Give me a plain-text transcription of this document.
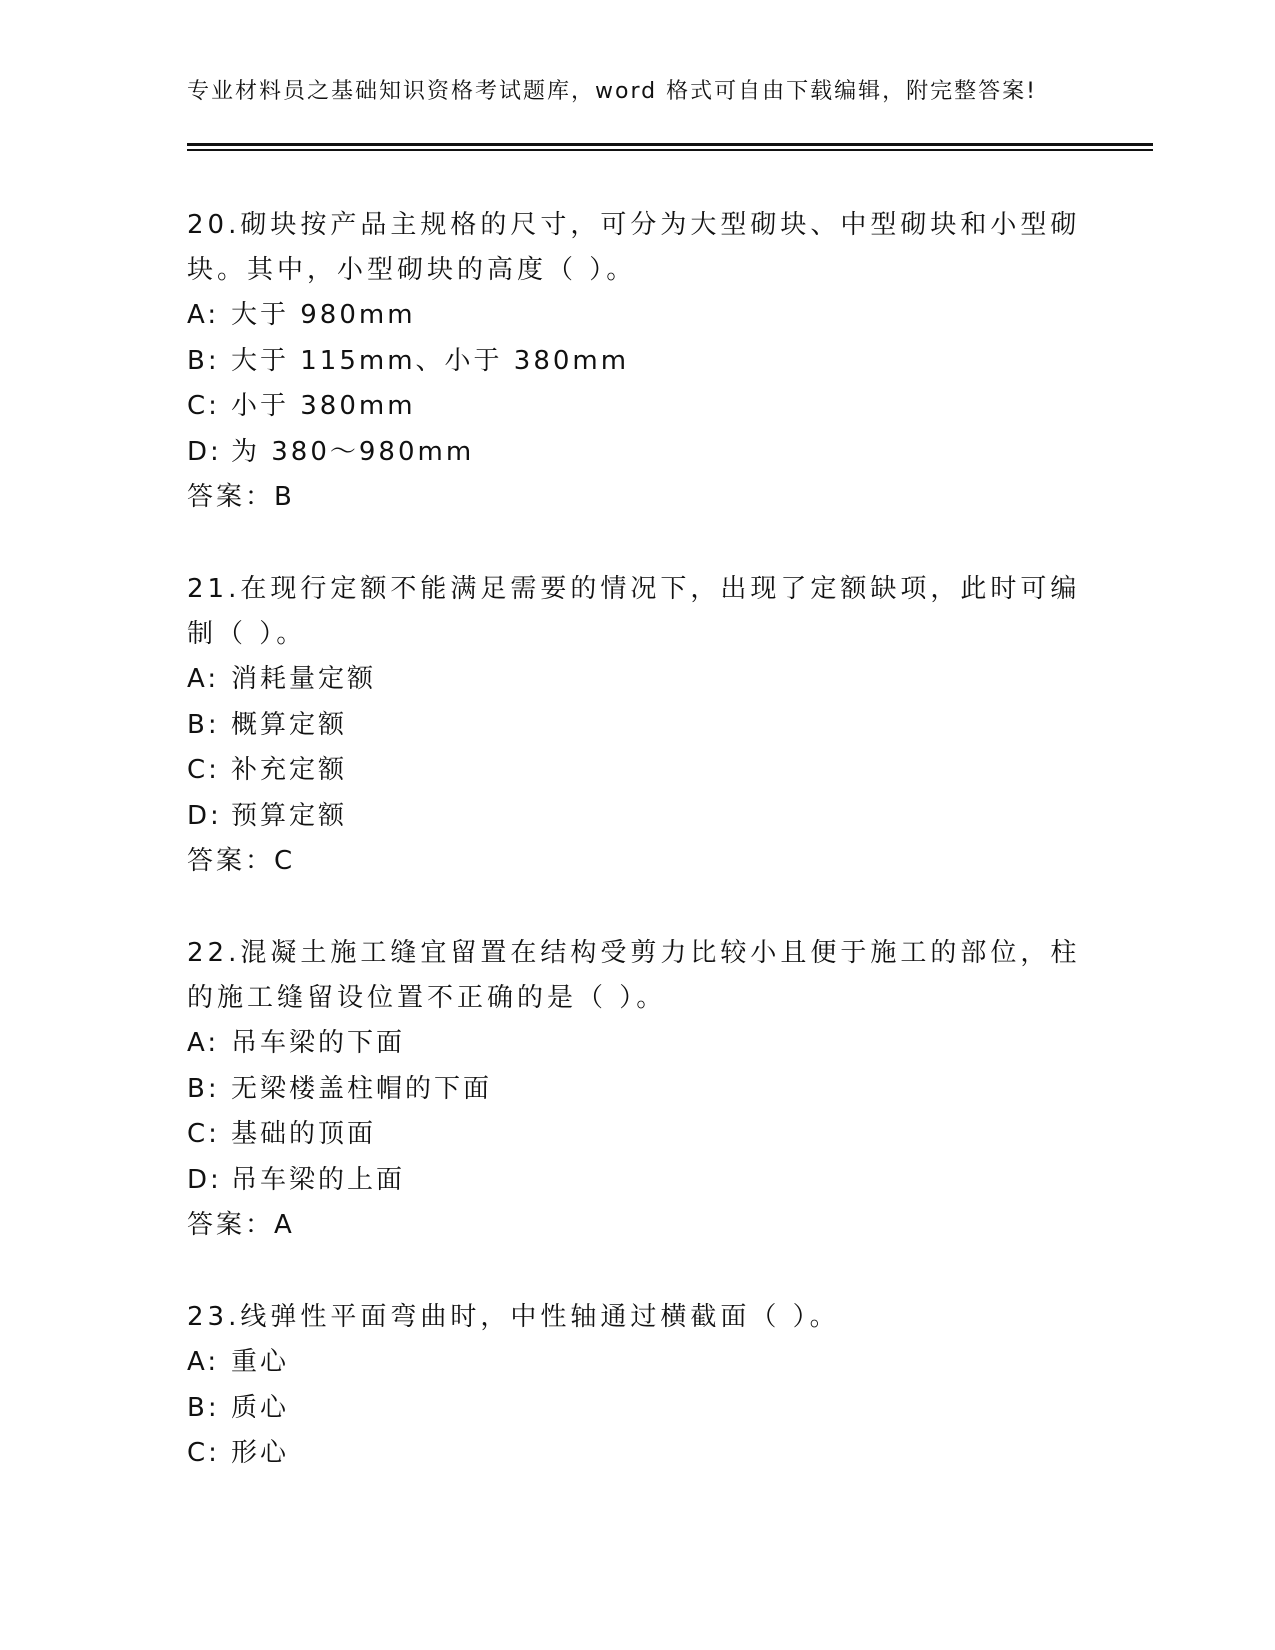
专业材料员之基础知识资格考试题库，word 格式可自由下载编辑，附完整答案!

20.砌块按产品主规格的尺寸，可分为大型砌块、中型砌块和小型砌块。其中，小型砌块的高度（ ）。

A: 大于 980mm

B: 大于 115mm、小于 380mm

C: 小于 380mm

D: 为 380～980mm

答案：B

21.在现行定额不能满足需要的情况下，出现了定额缺项，此时可编制（ ）。

A: 消耗量定额

B: 概算定额

C: 补充定额

D: 预算定额

答案：C

22.混凝土施工缝宜留置在结构受剪力比较小且便于施工的部位，柱的施工缝留设位置不正确的是（ ）。

A: 吊车梁的下面

B: 无梁楼盖柱帽的下面

C: 基础的顶面

D: 吊车梁的上面

答案：A

23.线弹性平面弯曲时，中性轴通过横截面（ ）。

A: 重心

B: 质心

C: 形心
